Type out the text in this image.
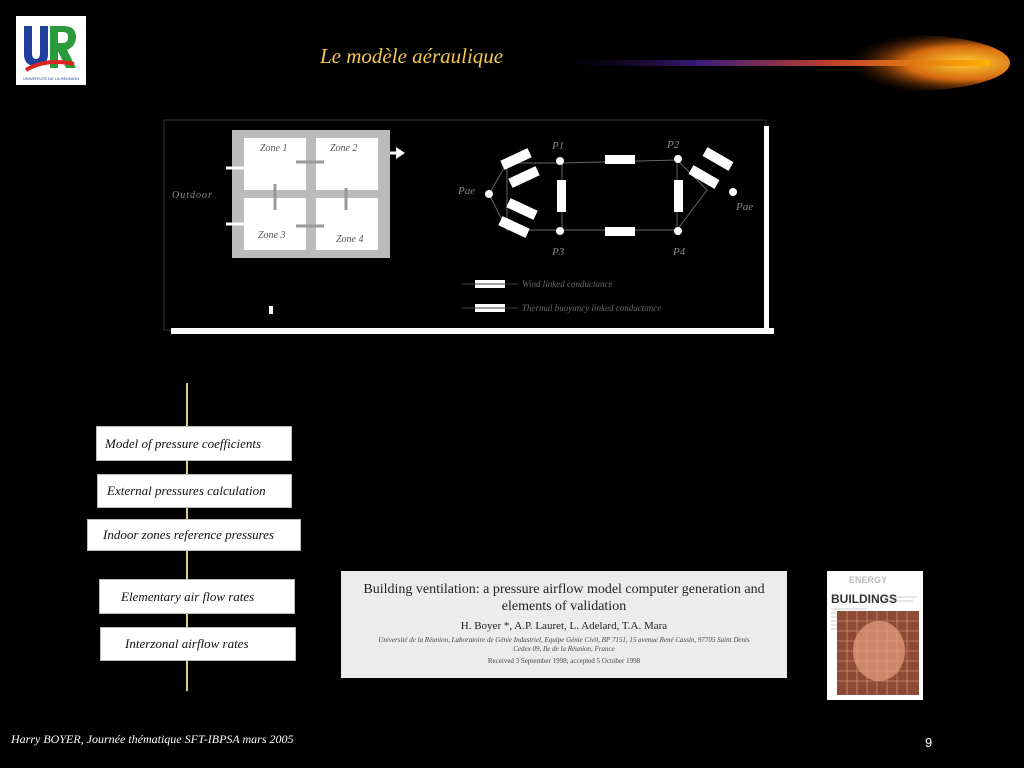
UNIVERSITÉ DE LA RÉUNION
Le modèle aéraulique
Outdoor
Zone 1	Zone 2
Zone 3	Zone 4
P1	P2
P3	P4
Pae
Pae
Wind linked conductance
Thermal buoyancy linked conductance
Model of pressure coefficients
External pressures calculation
Indoor zones reference pressures
Elementary air flow rates
Interzonal airflow rates
Building ventilation: a pressure airflow model computer generation and
elements of validation
H. Boyer *, A.P. Lauret, L. Adelard, T.A. Mara
Université de la Réunion, Laboratoire de Génie Industriel, Equipe Génie Civil, BP 7151, 15 avenue René Cassin, 97705 Saint Denis Cedex 09, Ile de la Réunion, France
Received 3 September 1998; accepted 5 October 1998
ENERGY
BUILDINGS
Harry BOYER, Journée thématique SFT-IBPSA mars 2005	9
